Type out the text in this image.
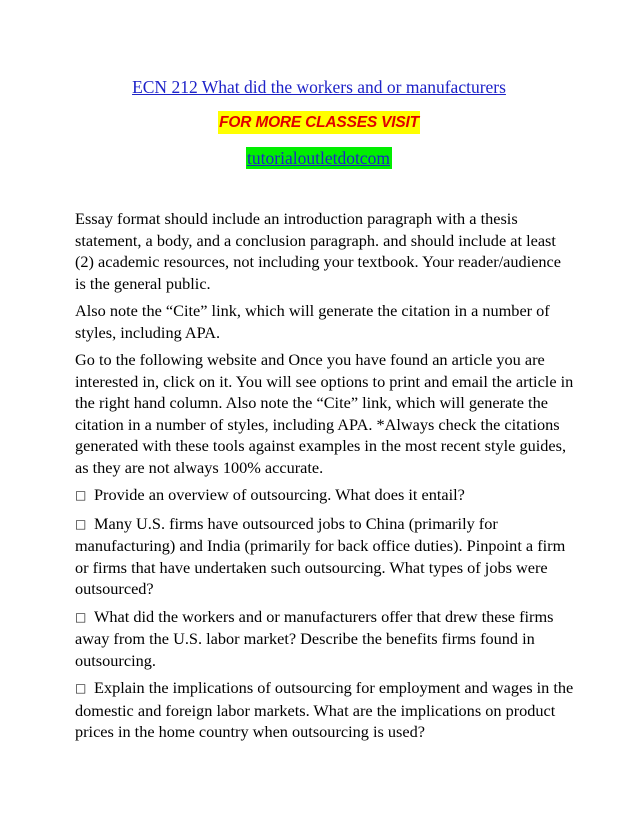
ECN 212 What did the workers and or manufacturers
FOR MORE CLASSES VISIT
tutorialoutletdotcom

Essay format should include an introduction paragraph with a thesis statement, a body, and a conclusion paragraph. and should include at least (2) academic resources, not including your textbook. Your reader/audience is the general public.

Also note the “Cite” link, which will generate the citation in a number of styles, including APA.

Go to the following website and Once you have found an article you are interested in, click on it. You will see options to print and email the article in the right hand column. Also note the “Cite” link, which will generate the citation in a number of styles, including APA. *Always check the citations generated with these tools against examples in the most recent style guides, as they are not always 100% accurate.

□ Provide an overview of outsourcing. What does it entail?

□ Many U.S. firms have outsourced jobs to China (primarily for manufacturing) and India (primarily for back office duties). Pinpoint a firm or firms that have undertaken such outsourcing. What types of jobs were outsourced?

□ What did the workers and or manufacturers offer that drew these firms away from the U.S. labor market? Describe the benefits firms found in outsourcing.

□ Explain the implications of outsourcing for employment and wages in the domestic and foreign labor markets. What are the implications on product prices in the home country when outsourcing is used?
